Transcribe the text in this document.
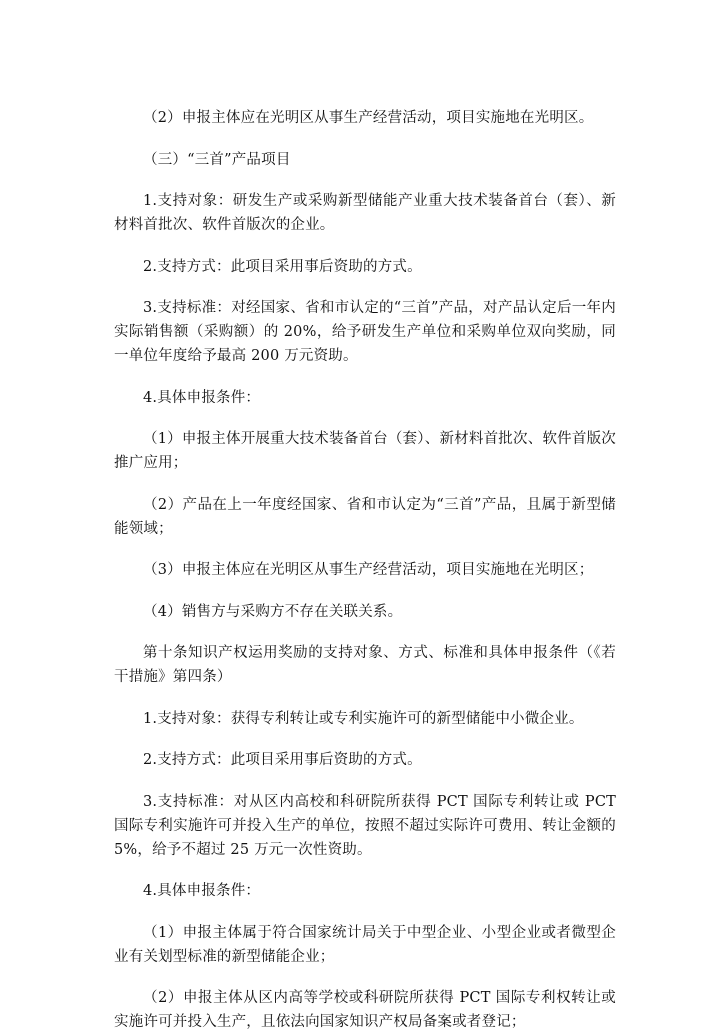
（2）申报主体应在光明区从事生产经营活动，项目实施地在光明区。

（三）“三首”产品项目

1.支持对象：研发生产或采购新型储能产业重大技术装备首台（套）、新材料首批次、软件首版次的企业。

2.支持方式：此项目采用事后资助的方式。

3.支持标准：对经国家、省和市认定的“三首”产品，对产品认定后一年内实际销售额（采购额）的 20%，给予研发生产单位和采购单位双向奖励，同一单位年度给予最高 200 万元资助。

4.具体申报条件：

（1）申报主体开展重大技术装备首台（套）、新材料首批次、软件首版次推广应用；

（2）产品在上一年度经国家、省和市认定为“三首”产品，且属于新型储能领域；

（3）申报主体应在光明区从事生产经营活动，项目实施地在光明区；

（4）销售方与采购方不存在关联关系。

第十条知识产权运用奖励的支持对象、方式、标准和具体申报条件（《若干措施》第四条）

1.支持对象：获得专利转让或专利实施许可的新型储能中小微企业。

2.支持方式：此项目采用事后资助的方式。

3.支持标准：对从区内高校和科研院所获得 PCT 国际专利转让或 PCT 国际专利实施许可并投入生产的单位，按照不超过实际许可费用、转让金额的 5%，给予不超过 25 万元一次性资助。

4.具体申报条件：

（1）申报主体属于符合国家统计局关于中型企业、小型企业或者微型企业有关划型标准的新型储能企业；

（2）申报主体从区内高等学校或科研院所获得 PCT 国际专利权转让或实施许可并投入生产，且依法向国家知识产权局备案或者登记；
